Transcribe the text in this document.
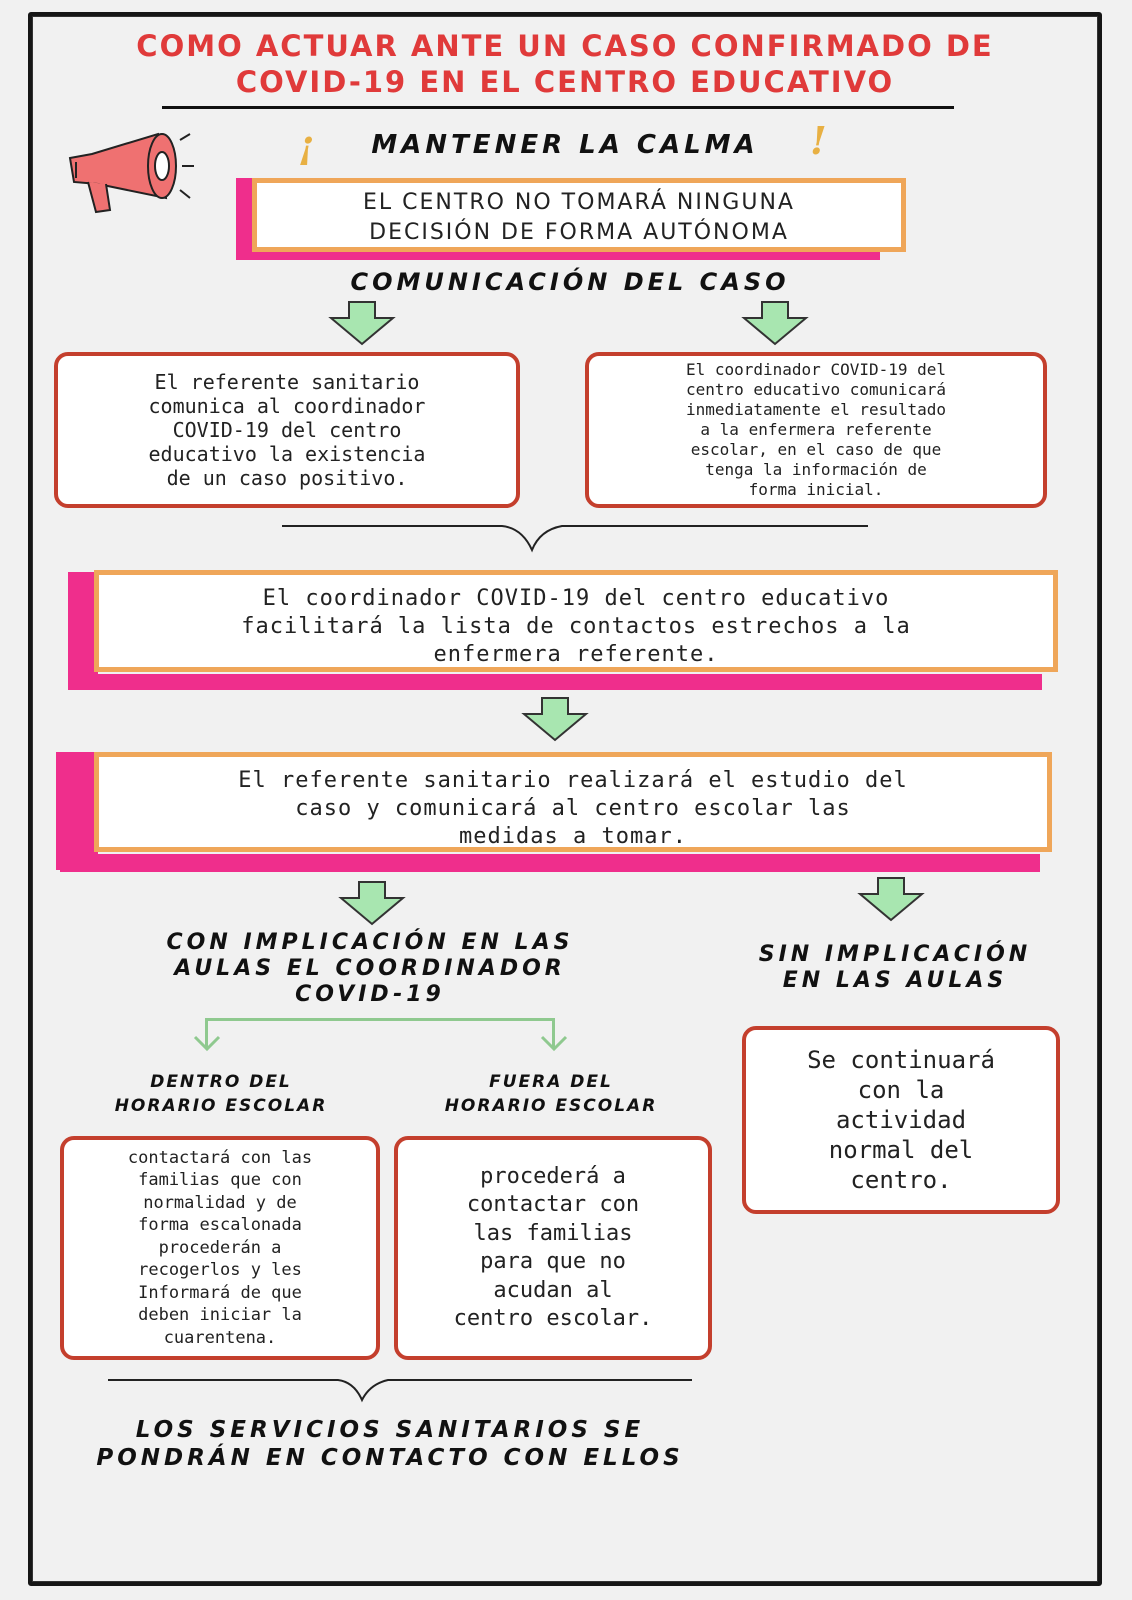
COMO ACTUAR ANTE UN CASO CONFIRMADO DE
COVID-19 EN EL CENTRO EDUCATIVO
¡	MANTENER LA CALMA	!
EL CENTRO NO TOMARÁ NINGUNA
DECISIÓN DE FORMA AUTÓNOMA
COMUNICACIÓN DEL CASO
El referente sanitario
comunica al coordinador
COVID-19 del centro
educativo la existencia
de un caso positivo.
El coordinador COVID-19 del
centro educativo comunicará
inmediatamente el resultado
a la enfermera referente
escolar, en el caso de que
tenga la información de
forma inicial.
El coordinador COVID-19 del centro educativo
facilitará la lista de contactos estrechos a la
enfermera referente.
El referente sanitario realizará el estudio del
caso y comunicará al centro escolar las
medidas a tomar.
CON IMPLICACIÓN EN LAS
AULAS EL COORDINADOR
COVID-19
SIN IMPLICACIÓN
EN LAS AULAS
DENTRO DEL
HORARIO ESCOLAR
FUERA DEL
HORARIO ESCOLAR
contactará con las
familias que con
normalidad y de
forma escalonada
procederán a
recogerlos y les
Informará de que
deben iniciar la
cuarentena.
procederá a
contactar con
las familias
para que no
acudan al
centro escolar.
Se continuará
con la
actividad
normal del
centro.
LOS SERVICIOS SANITARIOS SE
PONDRÁN EN CONTACTO CON ELLOS
